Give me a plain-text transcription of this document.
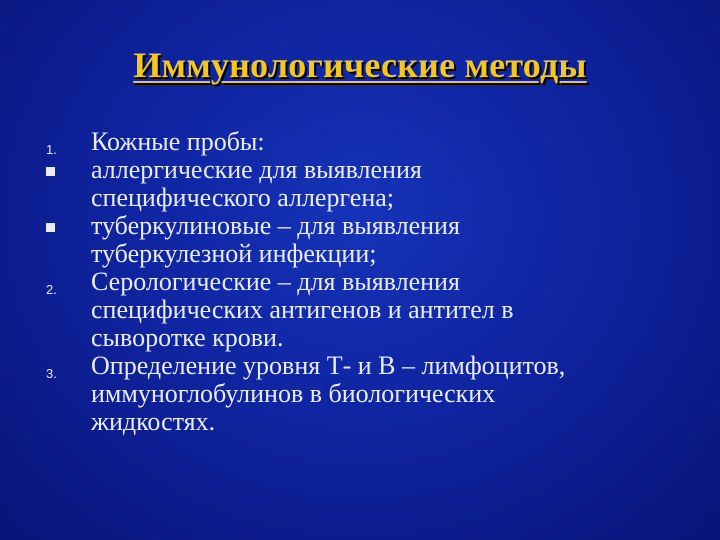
Иммунологические методы
1.	Кожные пробы:
аллергические для выявления
специфического аллергена;
туберкулиновые – для выявления
туберкулезной инфекции;
2.	Серологические – для выявления
специфических антигенов и антител в
сыворотке крови.
3.	Определение уровня Т- и В – лимфоцитов,
иммуноглобулинов в биологических
жидкостях.
